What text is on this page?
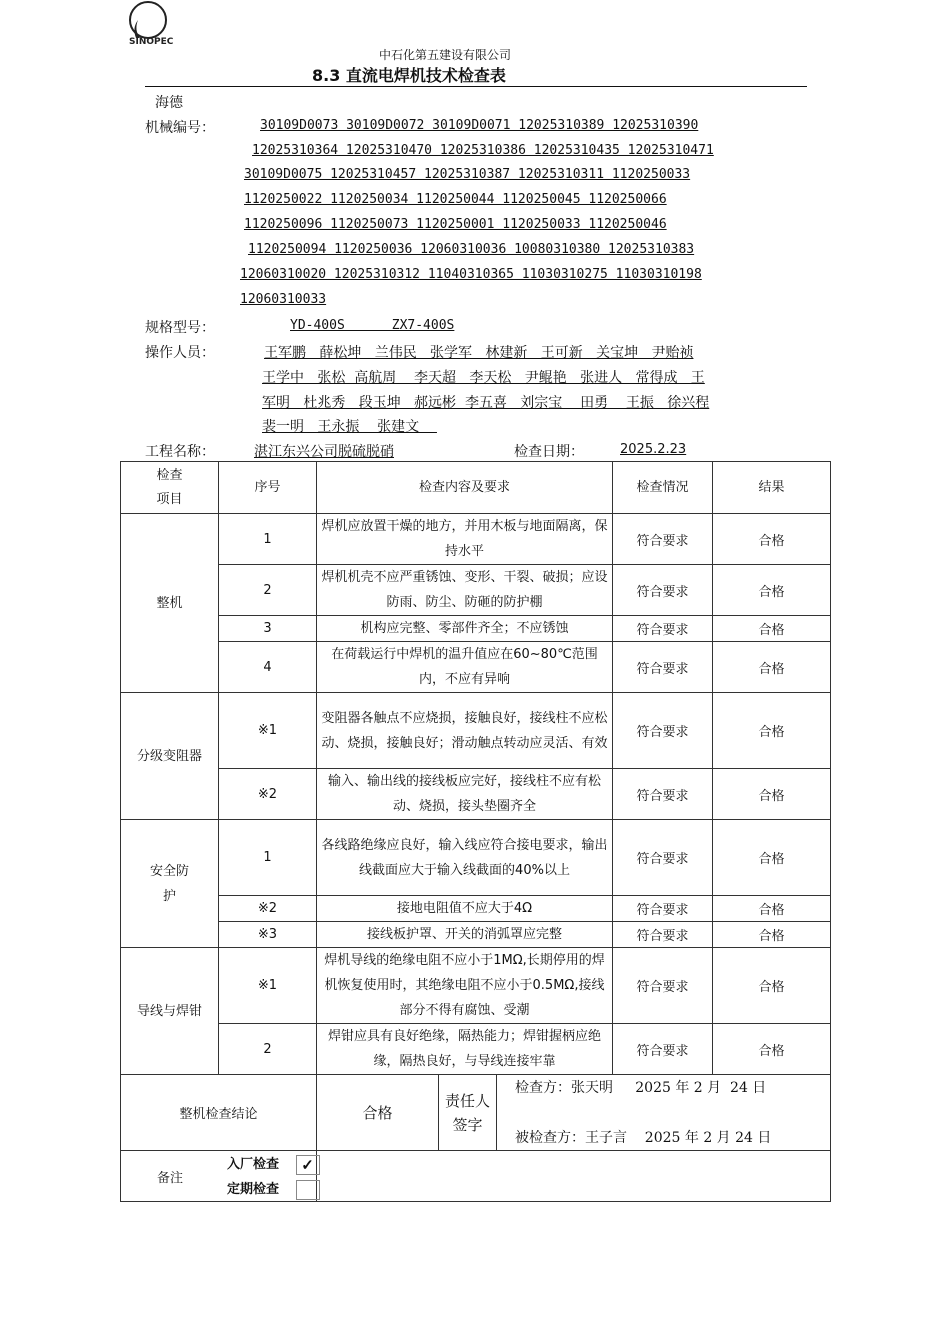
SINOPEC
中石化第五建设有限公司
8.3 直流电焊机技术检查表
海德
机械编号：	30109D0073 30109D0072 30109D0071 12025310389 12025310390
12025310364 12025310470 12025310386 12025310435 12025310471
30109D0075 12025310457 12025310387 12025310311 1120250033
1120250022 1120250034 1120250044 1120250045 1120250066
1120250096 1120250073 1120250001 1120250033 1120250046
1120250094 1120250036 12060310036 10080310380 12025310383
12060310020 12025310312 11040310365 11030310275 11030310198
12060310033
规格型号：	YD-400S      ZX7-400S
操作人员：	王军鹏   薛松坤   兰伟民   张学军   林建新   王可新   关宝坤   尹贻祯
王学中   张松  高航周    李天超   李天松   尹鲲艳   张进人   常得成   王
军明   杜兆秀   段玉坤   郝远彬  李五喜   刘宗宝    田勇    王振   徐兴程
裴一明   王永振    张建文
工程名称：	湛江东兴公司脱硫脱硝	检查日期：	2025.2.23
检查
项目	序号	检查内容及要求		检查情况	结果
整机	1	焊机应放置干燥的地方，并用木板与地面隔离，保持水平		符合要求	合格
	2	焊机机壳不应严重锈蚀、变形、干裂、破损；应设防雨、防尘、防砸的防护棚		符合要求	合格
	3	机构应完整、零部件齐全；不应锈蚀		符合要求	合格
	4	在荷载运行中焊机的温升值应在60~80℃范围内，不应有异响		符合要求	合格
分级变阻器	※1	变阻器各触点不应烧损，接触良好，接线柱不应松动、烧损，接触良好；滑动触点转动应灵活、有效		符合要求	合格
	※2	输入、输出线的接线板应完好，接线柱不应有松动、烧损，接头垫圈齐全		符合要求	合格
安全防护	1	各线路绝缘应良好，输入线应符合接电要求，输出线截面应大于输入线截面的40%以上		符合要求	合格
	※2	接地电阻值不应大于4Ω		符合要求	合格
	※3	接线板护罩、开关的消弧罩应完整		符合要求	合格
导线与焊钳	※1	焊机导线的绝缘电阻不应小于1MΩ,长期停用的焊机恢复使用时，其绝缘电阻不应小于0.5MΩ,接线部分不得有腐蚀、受潮		符合要求	合格
	2	焊钳应具有良好绝缘，隔热能力；焊钳握柄应绝缘，隔热良好，与导线连接牢靠		符合要求	合格
整机检查结论		合格	责任人签字
检查方：张天明     2025 年 2 月  24 日
被检查方：王子言    2025 年 2 月 24 日		

备注		入厂检查 ✓
定期检查			
